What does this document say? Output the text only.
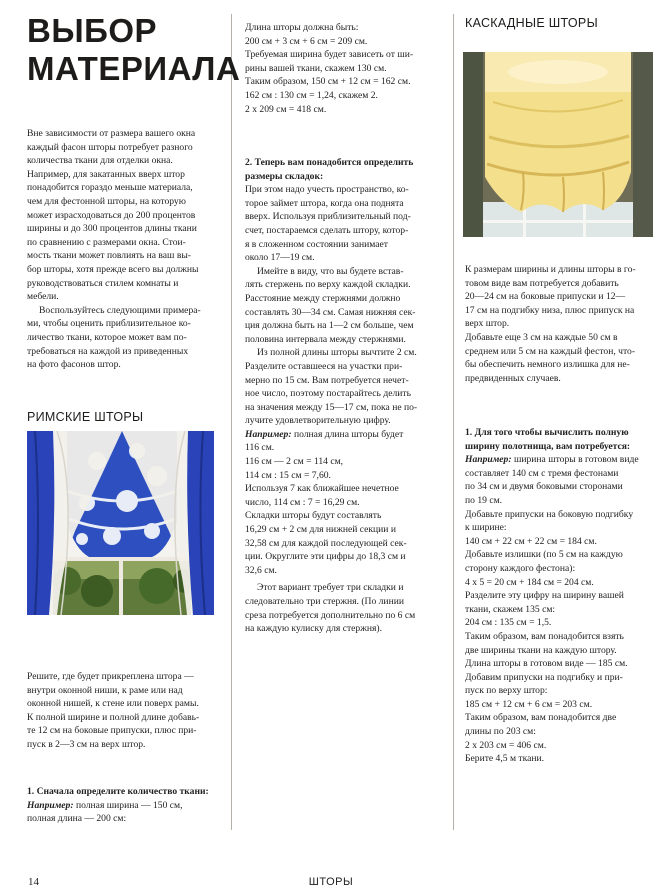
ВЫБОР
МАТЕРИАЛА

Вне зависимости от размера вашего окна

каждый фасон шторы потребует разного

количества ткани для отделки окна.

Например, для закатанных вверх штор

понадобится гораздо меньше материала,

чем для фестонной шторы, на которую

может израсходоваться до 200 процентов

ширины и до 300 процентов длины ткани

по сравнению с размерами окна. Стои-

мость ткани может повлиять на ваш вы-

бор шторы, хотя прежде всего вы должны

руководствоваться стилем комнаты и

мебели.

Воспользуйтесь следующими примера-

ми, чтобы оценить приблизительное ко-

личество ткани, которое может вам по-

требоваться на каждой из приведенных

на фото фасонов штор.

РИМСКИЕ ШТОРЫ

Решите, где будет прикреплена штора —

внутри оконной ниши, к раме или над

оконной нишей, к стене или поверх рамы.

К полной ширине и полной длине добавь-

те 12 см на боковые припуски, плюс при-

пуск в 2—3 см на верх штор.

1. Сначала определите количество ткани:

Например: полная ширина — 150 см,

полная длина — 200 см:

Длина шторы должна быть:

200 см + 3 см + 6 см = 209 см.

Требуемая ширина будет зависеть от ши-

рины вашей ткани, скажем 130 см.

Таким образом, 150 см + 12 см = 162 см.

162 см : 130 см = 1,24, скажем 2.

2 х 209 см = 418 см.

2. Теперь вам понадобится определить

размеры складок:

При этом надо учесть пространство, ко-

торое займет штора, когда она поднята

вверх. Используя приблизительный под-

счет, постараемся сделать штору, котор-

я в сложенном состоянии занимает

около 17—19 см.

Имейте в виду, что вы будете встав-

лять стержень по верху каждой складки.

Расстояние между стержнями должно

составлять 30—34 см. Самая нижняя сек-

ция должна быть на 1—2 см больше, чем

половина интервала между стержнями.

Из полной длины шторы вычтите 2 см.

Разделите оставшееся на участки при-

мерно по 15 см. Вам потребуется нечет-

ное число, поэтому постарайтесь делить

на значения между 15—17 см, пока не по-

лучите удовлетворительную цифру.

Например: полная длина шторы будет

116 см.

116 см — 2 см = 114 см,

114 см : 15 см = 7,60.

Используя 7 как ближайшее нечетное

число, 114 см : 7 = 16,29 см.

Складки шторы будут составлять

16,29 см + 2 см для нижней секции и

32,58 см для каждой последующей сек-

ции. Округлите эти цифры до 18,3 см и

32,6 см.

Этот вариант требует три складки и

следовательно три стержня. (По линии

среза потребуется дополнительно по 6 см

на каждую кулиску для стержня).

КАСКАДНЫЕ ШТОРЫ

К размерам ширины и длины шторы в го-

товом виде вам потребуется добавить

20—24 см на боковые припуски и 12—

17 см на подгибку низа, плюс припуск на

верх штор.

Добавьте еще 3 см на каждые 50 см в

среднем или 5 см на каждый фестон, что-

бы обеспечить немного излишка для не-

предвиденных случаев.

1. Для того чтобы вычислить полную

ширину полотнища, вам потребуется:

Например: ширина шторы в готовом виде

составляет 140 см с тремя фестонами

по 34 см и двумя боковыми сторонами

по 19 см.

Добавьте припуски на боковую подгибку

к ширине:

140 см + 22 см + 22 см = 184 см.

Добавьте излишки (по 5 см на каждую

сторону каждого фестона):

4 х 5 = 20 см + 184 см = 204 см.

Разделите эту цифру на ширину вашей

ткани, скажем 135 см:

204 см : 135 см = 1,5.

Таким образом, вам понадобится взять

две ширины ткани на каждую штору.

Длина шторы в готовом виде — 185 см.

Добавим припуски на подгибку и при-

пуск по верху штор:

185 см + 12 см + 6 см = 203 см.

Таким образом, вам понадобится две

длины по 203 см:

2 х 203 см = 406 см.

Берите 4,5 м ткани.

14	ШТОРЫ
